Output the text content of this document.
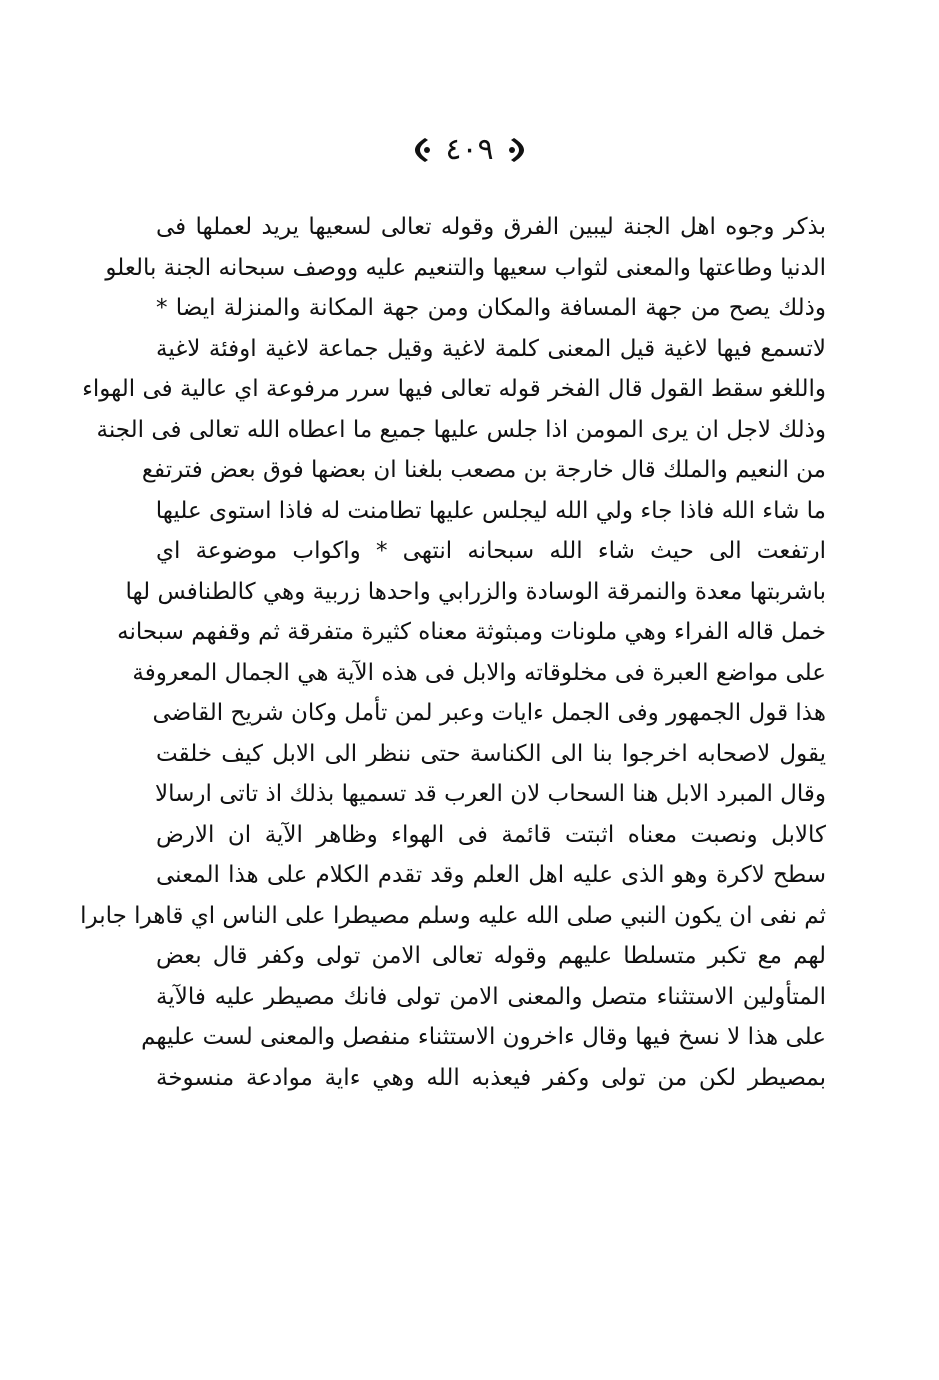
٤٠٩
بذكر وجوه اهل الجنة ليبين الفرق وقوله تعالى لسعيها يريد لعملها فى
الدنيا وطاعتها والمعنى لثواب سعيها والتنعيم عليه ووصف سبحانه الجنة بالعلو
وذلك يصح من جهة المسافة والمكان ومن جهة المكانة والمنزلة ايضا *
لاتسمع فيها لاغية قيل المعنى كلمة لاغية وقيل جماعة لاغية اوفئة لاغية
واللغو سقط القول قال الفخر قوله تعالى فيها سرر مرفوعة اي عالية فى الهواء
وذلك لاجل ان يرى المومن اذا جلس عليها جميع ما اعطاه الله تعالى فى الجنة
من النعيم والملك قال خارجة بن مصعب بلغنا ان بعضها فوق بعض فترتفع
ما شاء الله فاذا جاء ولي الله ليجلس عليها تطامنت له فاذا استوى عليها
ارتفعت الى حيث شاء الله سبحانه انتهى * واكواب موضوعة اي
باشربتها معدة والنمرقة الوسادة والزرابي واحدها زربية وهي كالطنافس لها
خمل قاله الفراء وهي ملونات ومبثوثة معناه كثيرة متفرقة ثم وقفهم سبحانه
على مواضع العبرة فى مخلوقاته والابل فى هذه الآية هي الجمال المعروفة
هذا قول الجمهور وفى الجمل ءايات وعبر لمن تأمل وكان شريح القاضى
يقول لاصحابه اخرجوا بنا الى الكناسة حتى ننظر الى الابل كيف خلقت
وقال المبرد الابل هنا السحاب لان العرب قد تسميها بذلك اذ تاتى ارسالا
كالابل ونصبت معناه اثبتت قائمة فى الهواء وظاهر الآية ان الارض
سطح لاكرة وهو الذى عليه اهل العلم وقد تقدم الكلام على هذا المعنى
ثم نفى ان يكون النبي صلى الله عليه وسلم مصيطرا على الناس اي قاهرا جابرا
لهم مع تكبر متسلطا عليهم وقوله تعالى الامن تولى وكفر قال بعض
المتأولين الاستثناء متصل والمعنى الامن تولى فانك مصيطر عليه فالآية
على هذا لا نسخ فيها وقال ءاخرون الاستثناء منفصل والمعنى لست عليهم
بمصيطر لكن من تولى وكفر فيعذبه الله وهي ءاية موادعة منسوخة
